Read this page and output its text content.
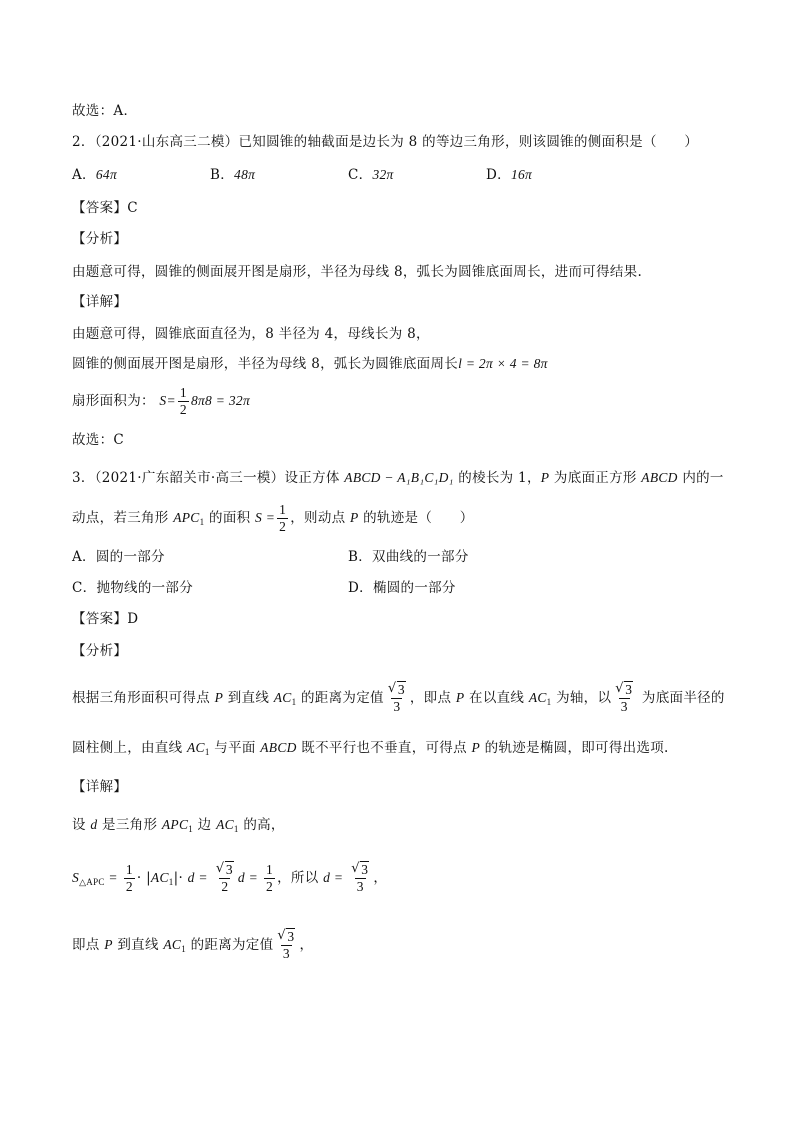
故选：A．
2．（2021·山东高三二模）已知圆锥的轴截面是边长为 8 的等边三角形，则该圆锥的侧面积是（　　）
A．64π	B．48π	C．32π	D．16π
【答案】C
【分析】
由题意可得，圆锥的侧面展开图是扇形，半径为母线 8，弧长为圆锥底面周长，进而可得结果.
【详解】
由题意可得，圆锥底面直径为，8 半径为 4，母线长为 8，
圆锥的侧面展开图是扇形，半径为母线 8，弧长为圆锥底面周长l = 2π × 4 = 8π
扇形面积为： $S= \frac{1}{2} 8\pi 8 = 32\pi$
故选：C
3．（2021·广东韶关市·高三一模）设正方体 ABCD − A₁B₁C₁D₁ 的棱长为 1，P 为底面正方形 ABCD 内的一
动点，若三角形 $APC_1$ 的面积 $S = \frac{1}{2}$ ，则动点 P 的轨迹是（　　）
A．圆的一部分	B．双曲线的一部分
C．抛物线的一部分	D．椭圆的一部分
【答案】D
【分析】
根据三角形面积可得点 P 到直线 $AC_1$ 的距离为定值 $\frac{√ 3}{3}$ ，即点 P 在以直线 $AC_1$ 为轴，以 $\frac{√ 3}{3}$ 为底面半径的
圆柱侧上，由直线 $AC_1$ 与平面 ABCD 既不平行也不垂直，可得点 P 的轨迹是椭圆，即可得出选项.
【详解】
设 d 是三角形 $APC_1$ 边 $AC_1$ 的高，
$S_{\triangle APC} = \frac{1}{2} \cdot |AC_1|\cdot d = \frac{√ 3}{2}$ $d = \frac{1}{2}$ ，所以 $d = \frac{√ 3}{3}$ ，
即点 P 到直线 $AC_1$ 的距离为定值 $\frac{√ 3}{3}$ ，
